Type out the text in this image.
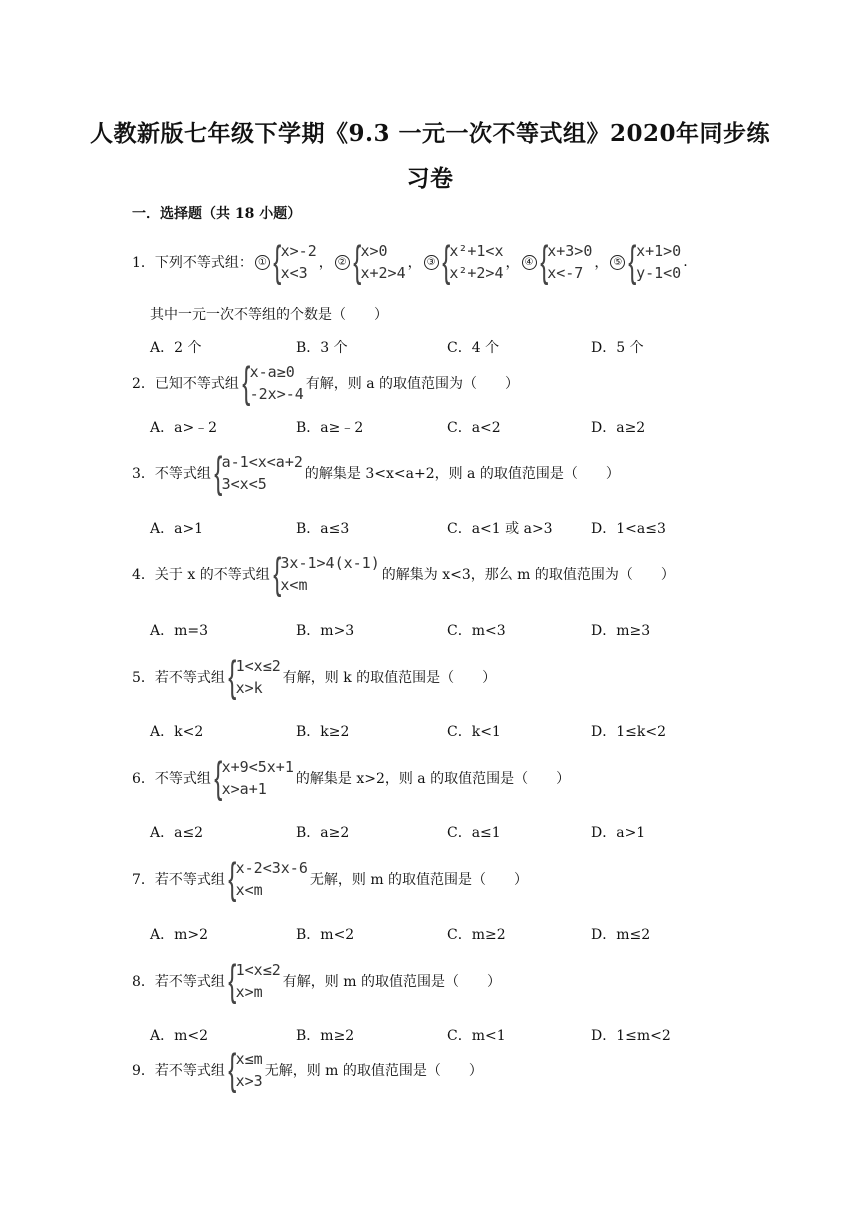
人教新版七年级下学期《9.3 一元一次不等式组》2020年同步练
习卷
一．选择题（共 18 小题）
1．下列不等式组： ① { x>-2
x<3
， ② { x>0
x+2>4
， ③ { x²+1<x
x²+2>4
， ④ { x+3>0
x<-7
， ⑤ { x+1>0
y-1<0
.
其中一元一次不等组的个数是（　　）
A．2 个	B．3 个	C．4 个	D．5 个
2．已知不等式组 { x-a≥0
-2x>-4
有解，则 a 的取值范围为（　　）
A．a>﹣2	B．a≥﹣2	C．a<2	D．a≥2
3．不等式组 { a-1<x<a+2
3<x<5
的解集是 3<x<a+2，则 a 的取值范围是（　　）
A．a>1	B．a≤3	C．a<1 或 a>3	D．1<a≤3
4．关于 x 的不等式组 { 3x-1>4(x-1)
x<m
的解集为 x<3，那么 m 的取值范围为（　　）
A．m=3	B．m>3	C．m<3	D．m≥3
5．若不等式组 { 1<x≤2
x>k
有解，则 k 的取值范围是（　　）
A．k<2	B．k≥2	C．k<1	D．1≤k<2
6．不等式组 { x+9<5x+1
x>a+1
的解集是 x>2，则 a 的取值范围是（　　）
A．a≤2	B．a≥2	C．a≤1	D．a>1
7．若不等式组 { x-2<3x-6
x<m
无解，则 m 的取值范围是（　　）
A．m>2	B．m<2	C．m≥2	D．m≤2
8．若不等式组 { 1<x≤2
x>m
有解，则 m 的取值范围是（　　）
A．m<2	B．m≥2	C．m<1	D．1≤m<2
9．若不等式组 { x≤m
x>3
无解，则 m 的取值范围是（　　）
